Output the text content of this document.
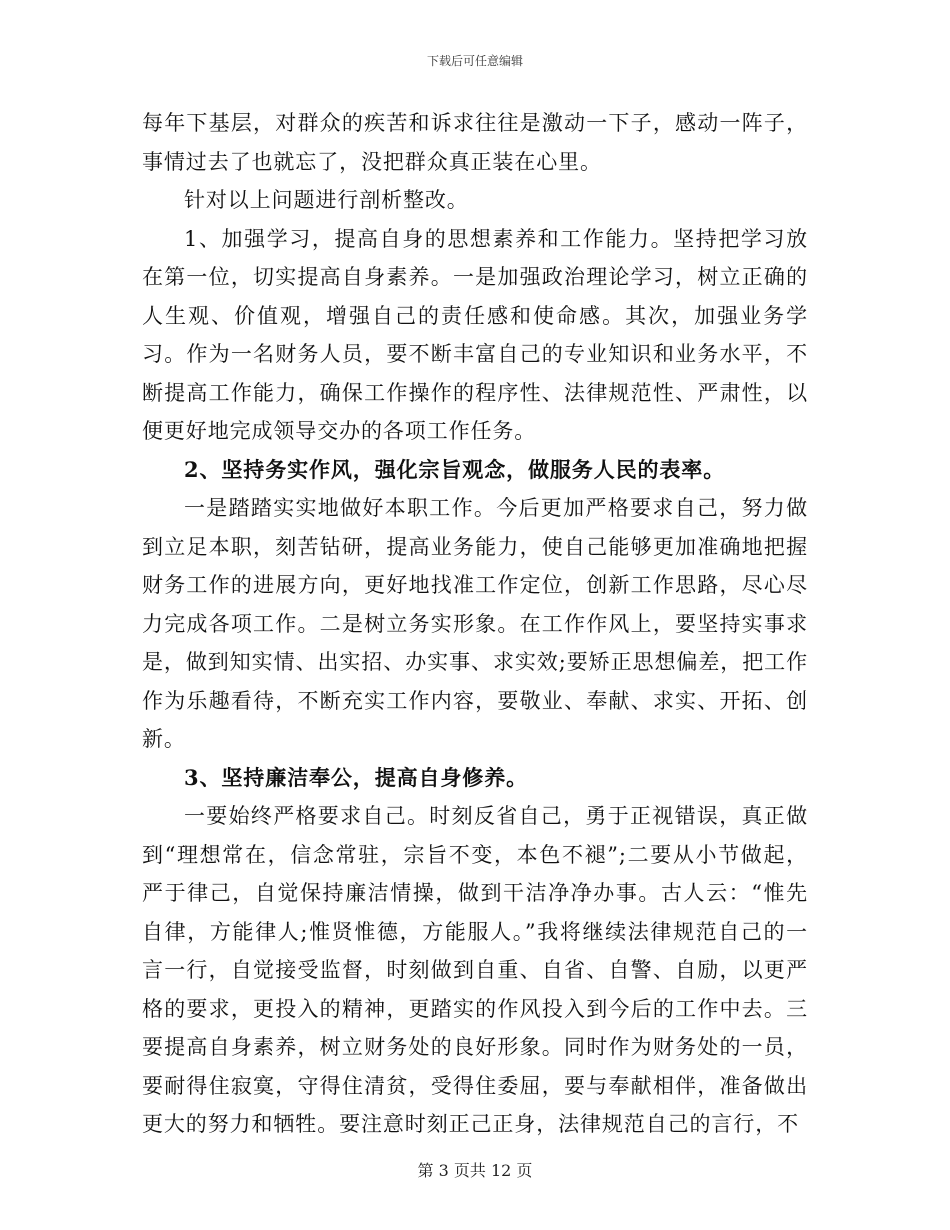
下载后可任意编辑

每年下基层，对群众的疾苦和诉求往往是激动一下子，感动一阵子，事情过去了也就忘了，没把群众真正装在心里。

针对以上问题进行剖析整改。

1、加强学习，提高自身的思想素养和工作能力。坚持把学习放在第一位，切实提高自身素养。一是加强政治理论学习，树立正确的人生观、价值观，增强自己的责任感和使命感。其次，加强业务学习。作为一名财务人员，要不断丰富自己的专业知识和业务水平，不断提高工作能力，确保工作操作的程序性、法律规范性、严肃性，以便更好地完成领导交办的各项工作任务。

2、坚持务实作风，强化宗旨观念，做服务人民的表率。

一是踏踏实实地做好本职工作。今后更加严格要求自己，努力做到立足本职，刻苦钻研，提高业务能力，使自己能够更加准确地把握财务工作的进展方向，更好地找准工作定位，创新工作思路，尽心尽力完成各项工作。二是树立务实形象。在工作作风上，要坚持实事求是，做到知实情、出实招、办实事、求实效;要矫正思想偏差，把工作作为乐趣看待，不断充实工作内容，要敬业、奉献、求实、开拓、创新。

3、坚持廉洁奉公，提高自身修养。

一要始终严格要求自己。时刻反省自己，勇于正视错误，真正做到“理想常在，信念常驻，宗旨不变，本色不褪”;二要从小节做起，严于律己，自觉保持廉洁情操，做到干洁净净办事。古人云：“惟先自律，方能律人;惟贤惟德，方能服人。”我将继续法律规范自己的一言一行，自觉接受监督，时刻做到自重、自省、自警、自励，以更严格的要求，更投入的精神，更踏实的作风投入到今后的工作中去。三要提高自身素养，树立财务处的良好形象。同时作为财务处的一员，要耐得住寂寞，守得住清贫，受得住委屈，要与奉献相伴，准备做出更大的努力和牺牲。要注意时刻正己正身，法律规范自己的言行，不

第 3 页共 12 页
